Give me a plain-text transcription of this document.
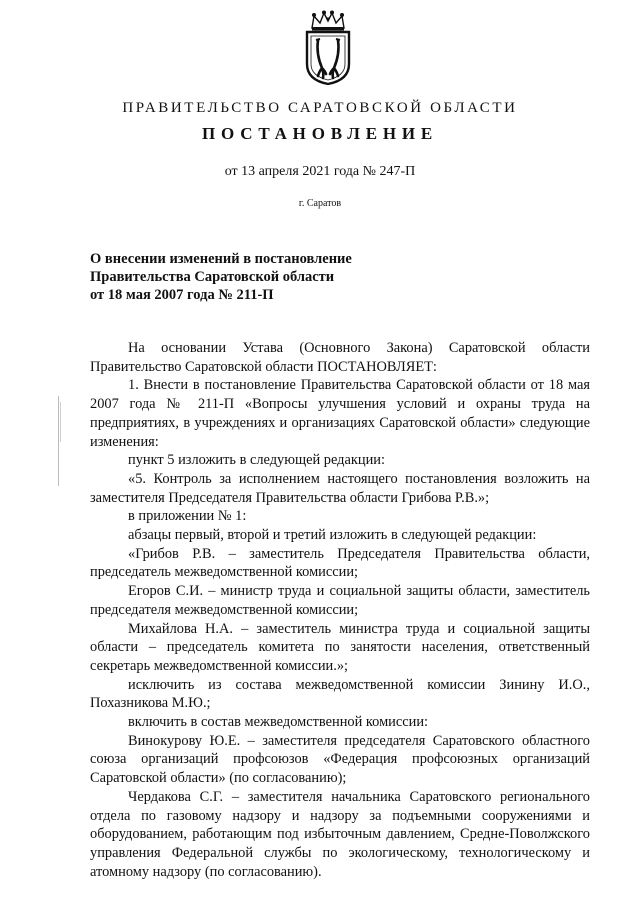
ПРАВИТЕЛЬСТВО САРАТОВСКОЙ ОБЛАСТИ
ПОСТАНОВЛЕНИЕ
от 13 апреля 2021 года № 247-П
г. Саратов
О внесении изменений в постановление
Правительства Саратовской области
от 18 мая 2007 года № 211-П

На основании Устава (Основного Закона) Саратовской области Правительство Саратовской области ПОСТАНОВЛЯЕТ:

1. Внести в постановление Правительства Саратовской области от 18 мая 2007 года № 211-П «Вопросы улучшения условий и охраны труда на предприятиях, в учреждениях и организациях Саратовской области» следующие изменения:

пункт 5 изложить в следующей редакции:

«5. Контроль за исполнением настоящего постановления возложить на заместителя Председателя Правительства области Грибова Р.В.»;

в приложении № 1:

абзацы первый, второй и третий изложить в следующей редакции:

«Грибов Р.В. – заместитель Председателя Правительства области, председатель межведомственной комиссии;

Егоров С.И. – министр труда и социальной защиты области, заместитель председателя межведомственной комиссии;

Михайлова Н.А. – заместитель министра труда и социальной защиты области – председатель комитета по занятости населения, ответственный секретарь межведомственной комиссии.»;

исключить из состава межведомственной комиссии Зинину И.О., Похазникова М.Ю.;

включить в состав межведомственной комиссии:

Винокурову Ю.Е. – заместителя председателя Саратовского областного союза организаций профсоюзов «Федерация профсоюзных организаций Саратовской области» (по согласованию);

Чердакова С.Г. – заместителя начальника Саратовского регионального отдела по газовому надзору и надзору за подъемными сооружениями и оборудованием, работающим под избыточным давлением, Средне-Поволжского управления Федеральной службы по экологическому, технологическому и атомному надзору (по согласованию).
